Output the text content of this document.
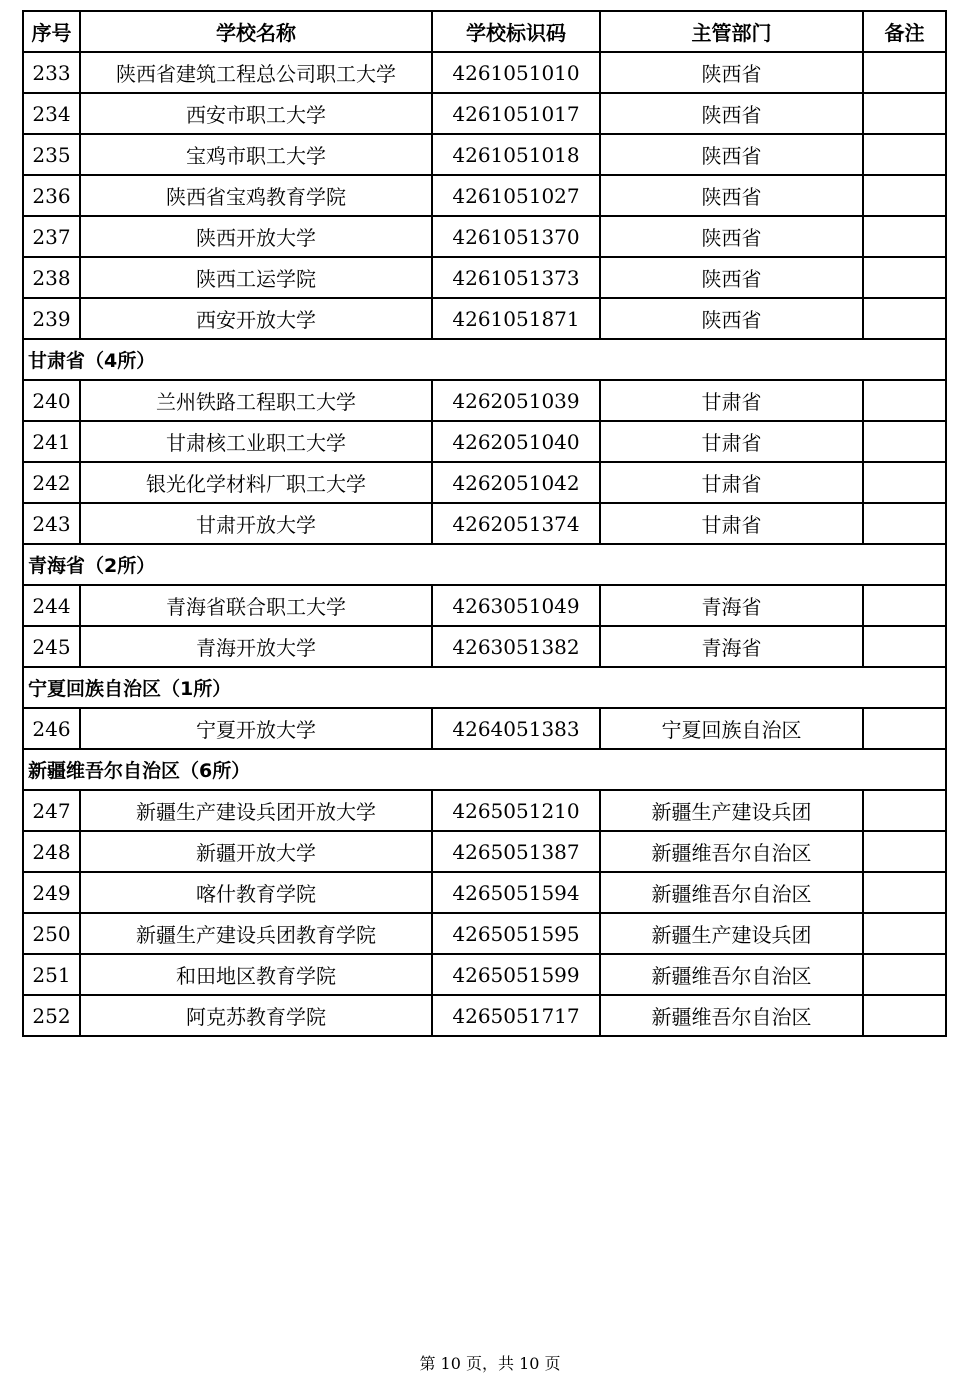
序号	学校名称	学校标识码	主管部门	备注
233	陕西省建筑工程总公司职工大学	4261051010	陕西省	
234	西安市职工大学	4261051017	陕西省	
235	宝鸡市职工大学	4261051018	陕西省	
236	陕西省宝鸡教育学院	4261051027	陕西省	
237	陕西开放大学	4261051370	陕西省	
238	陕西工运学院	4261051373	陕西省	
239	西安开放大学	4261051871	陕西省	
甘肃省（4所）				
240	兰州铁路工程职工大学	4262051039	甘肃省	
241	甘肃核工业职工大学	4262051040	甘肃省	
242	银光化学材料厂职工大学	4262051042	甘肃省	
243	甘肃开放大学	4262051374	甘肃省	
青海省（2所）				
244	青海省联合职工大学	4263051049	青海省	
245	青海开放大学	4263051382	青海省	
宁夏回族自治区（1所）				
246	宁夏开放大学	4264051383	宁夏回族自治区	
新疆维吾尔自治区（6所）				
247	新疆生产建设兵团开放大学	4265051210	新疆生产建设兵团	
248	新疆开放大学	4265051387	新疆维吾尔自治区	
249	喀什教育学院	4265051594	新疆维吾尔自治区	
250	新疆生产建设兵团教育学院	4265051595	新疆生产建设兵团	
251	和田地区教育学院	4265051599	新疆维吾尔自治区	
252	阿克苏教育学院	4265051717	新疆维吾尔自治区	
第 10 页，共 10 页
